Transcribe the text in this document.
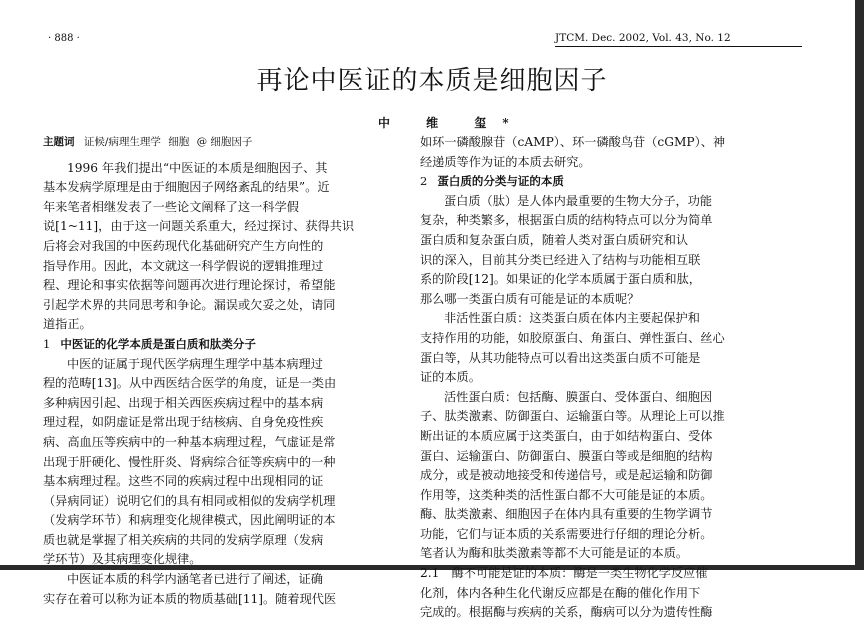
· 888 ·	JTCM. Dec. 2002, Vol. 43, No. 12
再论中医证的本质是细胞因子
中 维 玺*
主题词 证候/病理生理学 细胞 @ 细胞因子
1996 年我们提出“中医证的本质是细胞因子、其
基本发病学原理是由于细胞因子网络紊乱的结果”。近
年来笔者相继发表了一些论文阐释了这一科学假
说[1~11]，由于这一问题关系重大，经过探讨、获得共识
后将会对我国的中医药现代化基础研究产生方向性的
指导作用。因此，本文就这一科学假说的逻辑推理过
程、理论和事实依据等问题再次进行理论探讨，希望能
引起学术界的共同思考和争论。漏误或欠妥之处，请同
道指正。
1 中医证的化学本质是蛋白质和肽类分子
中医的证属于现代医学病理生理学中基本病理过
程的范畴[13]。从中西医结合医学的角度，证是一类由
多种病因引起、出现于相关西医疾病过程中的基本病
理过程，如阴虚证是常出现于结核病、自身免疫性疾
病、高血压等疾病中的一种基本病理过程，气虚证是常
出现于肝硬化、慢性肝炎、肾病综合征等疾病中的一种
基本病理过程。这些不同的疾病过程中出现相同的证
（异病同证）说明它们的具有相同或相似的发病学机理
（发病学环节）和病理变化规律模式，因此阐明证的本
质也就是掌握了相关疾病的共同的发病学原理（发病
学环节）及其病理变化规律。
中医证本质的科学内涵笔者已进行了阐述，证确
实存在着可以称为证本质的物质基础[11]。随着现代医
如环一磷酸腺苷（cAMP）、环一磷酸鸟苷（cGMP）、神
经递质等作为证的本质去研究。
2 蛋白质的分类与证的本质
蛋白质（肽）是人体内最重要的生物大分子，功能
复杂，种类繁多，根据蛋白质的结构特点可以分为简单
蛋白质和复杂蛋白质，随着人类对蛋白质研究和认
识的深入，目前其分类已经进入了结构与功能相互联
系的阶段[12]。如果证的化学本质属于蛋白质和肽，
那么哪一类蛋白质有可能是证的本质呢？
非活性蛋白质：这类蛋白质在体内主要起保护和
支持作用的功能，如胶原蛋白、角蛋白、弹性蛋白、丝心
蛋白等，从其功能特点可以看出这类蛋白质不可能是
证的本质。
活性蛋白质：包括酶、膜蛋白、受体蛋白、细胞因
子、肽类激素、防御蛋白、运输蛋白等。从理论上可以推
断出证的本质应属于这类蛋白，由于如结构蛋白、受体
蛋白、运输蛋白、防御蛋白、膜蛋白等或是细胞的结构
成分，或是被动地接受和传递信号，或是起运输和防御
作用等，这类种类的活性蛋白都不大可能是证的本质。
酶、肽类激素、细胞因子在体内具有重要的生物学调节
功能，它们与证本质的关系需要进行仔细的理论分析。
笔者认为酶和肽类激素等都不大可能是证的本质。
2.1　酶不可能是证的本质：酶是一类生物化学反应催
化剂，体内各种生化代谢反应都是在酶的催化作用下
完成的。根据酶与疾病的关系，酶病可以分为遗传性酶
